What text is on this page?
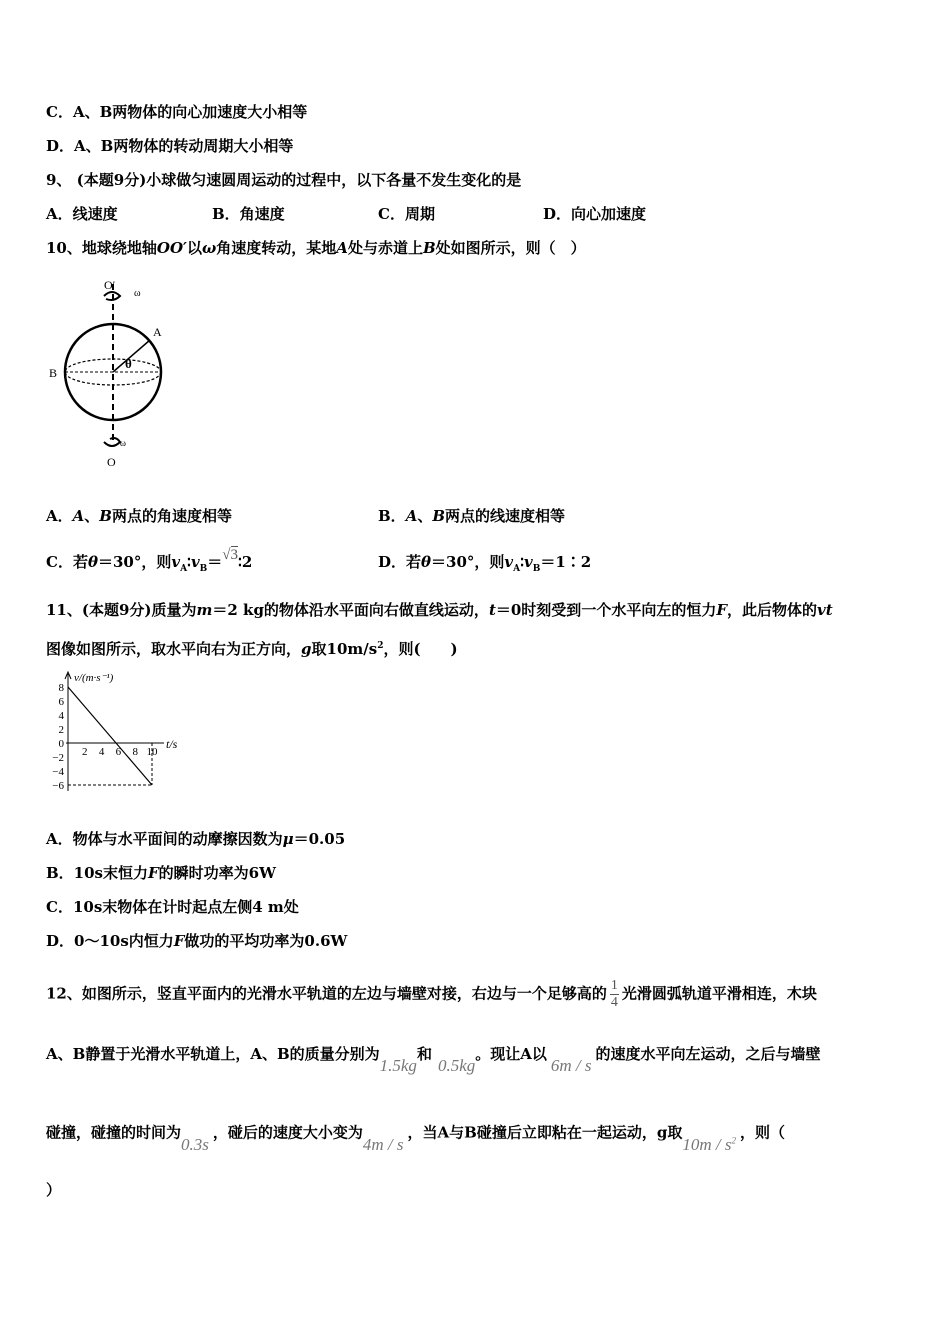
C．A、B两物体的向心加速度大小相等
D．A、B两物体的转动周期大小相等
9、 (本题9分)小球做匀速圆周运动的过程中，以下各量不发生变化的是
A．线速度	B．角速度	C．周期	D．向心加速度
10、地球绕地轴OO′以ω角速度转动，某地A处与赤道上B处如图所示，则（　）
O′
ω
A
B
θ
ω
O
A．A、B两点的角速度相等	B．A、B两点的线速度相等
C．若θ＝30°，则$v_A∶v_B=√3∶2$	D．若θ＝30°，则$v_A∶v_B=1∶2$
11、(本题9分)质量为m＝2 kg的物体沿水平面向右做直线运动，t＝0时刻受到一个水平向左的恒力F，此后物体的vt
图像如图所示，取水平向右为正方向，g取$10m/s^2$，则(　　)
v/(m·s⁻¹)
t/s
8
6
4
2
0
−2
−4
−6
2 4 6 8 10
A．物体与水平面间的动摩擦因数为μ＝0.05
B．10s末恒力F的瞬时功率为6W
C．10s末物体在计时起点左侧4 m处
D．0～10s内恒力F做功的平均功率为0.6W
12、如图所示，竖直平面内的光滑水平轨道的左边与墙壁对接，右边与一个足够高的 $\frac{1}{4}$ 光滑圆弧轨道平滑相连，木块
A、B静置于光滑水平轨道上，A、B的质量分别为1.5kg和0.5kg。现让A以6m / s的速度水平向左运动，之后与墙壁
碰撞，碰撞的时间为0.3s，碰后的速度大小变为4m / s，当A与B碰撞后立即粘在一起运动，g取$10m / s^2$ ，则（
）
